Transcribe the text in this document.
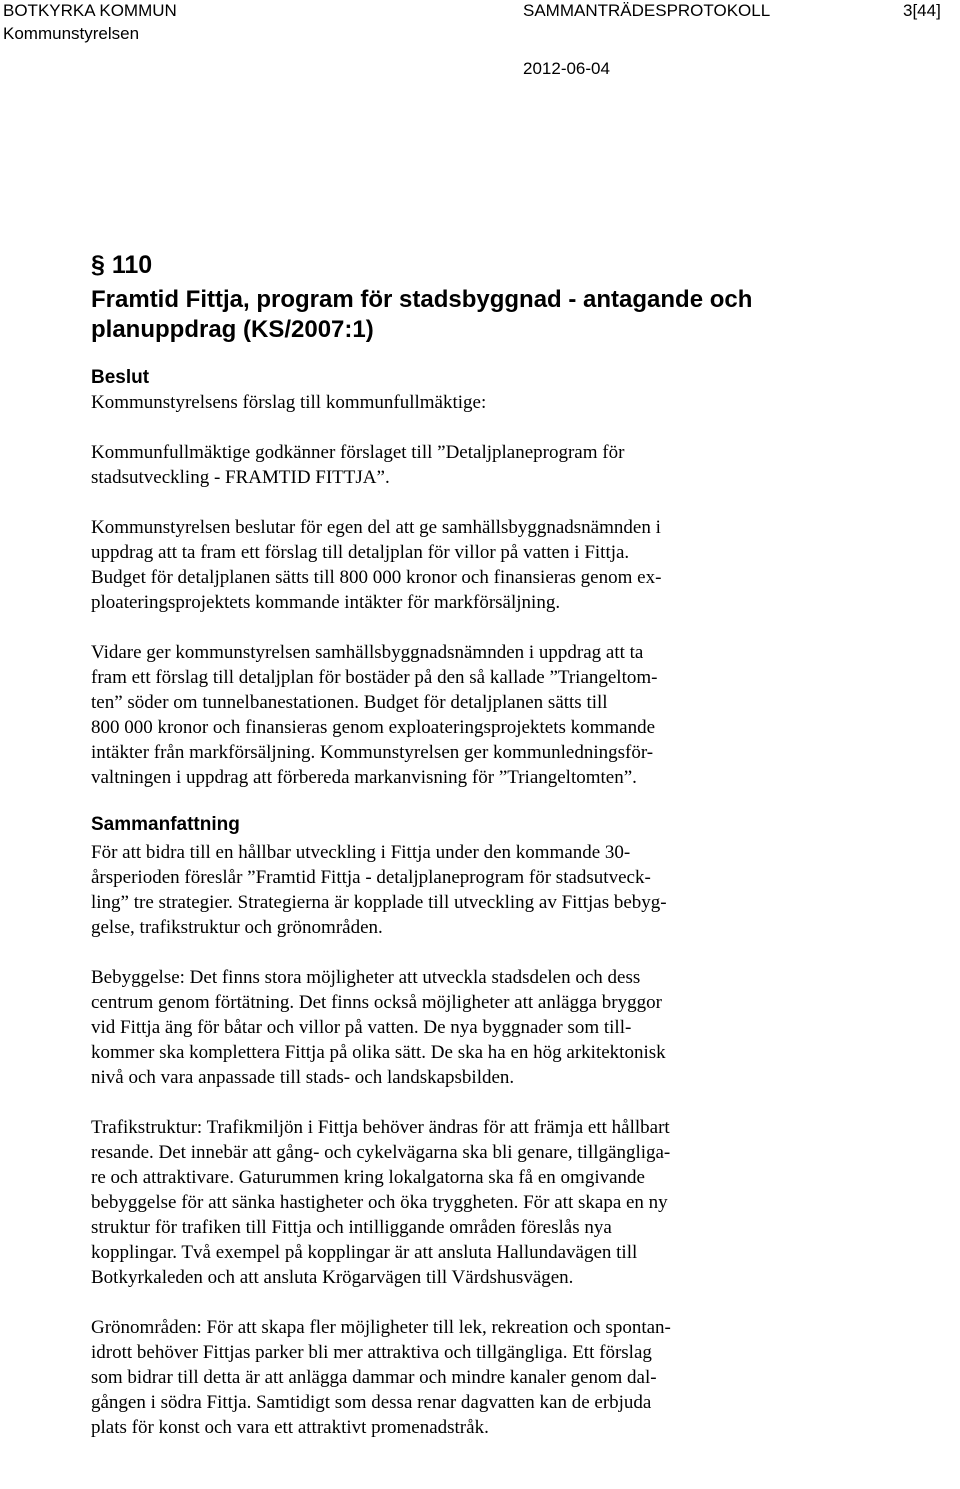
BOTKYRKA KOMMUN	SAMMANTRÄDESPROTOKOLL	3[44]
Kommunstyrelsen
2012-06-04
§ 110
Framtid Fittja, program för stadsbyggnad - antagande och
planuppdrag (KS/2007:1)
Beslut

Kommunstyrelsens förslag till kommunfullmäktige:

Kommunfullmäktige godkänner förslaget till ”Detaljplaneprogram för
stadsutveckling - FRAMTID FITTJA”.

Kommunstyrelsen beslutar för egen del att ge samhällsbyggnadsnämnden i
uppdrag att ta fram ett förslag till detaljplan för villor på vatten i Fittja.
Budget för detaljplanen sätts till 800 000 kronor och finansieras genom ex-
ploateringsprojektets kommande intäkter för markförsäljning.

Vidare ger kommunstyrelsen samhällsbyggnadsnämnden i uppdrag att ta
fram ett förslag till detaljplan för bostäder på den så kallade ”Triangeltom-
ten” söder om tunnelbanestationen. Budget för detaljplanen sätts till
800 000 kronor och finansieras genom exploateringsprojektets kommande
intäkter från markförsäljning. Kommunstyrelsen ger kommunledningsför-
valtningen i uppdrag att förbereda markanvisning för ”Triangeltomten”.

Sammanfattning

För att bidra till en hållbar utveckling i Fittja under den kommande 30-
årsperioden föreslår ”Framtid Fittja - detaljplaneprogram för stadsutveck-
ling” tre strategier. Strategierna är kopplade till utveckling av Fittjas bebyg-
gelse, trafikstruktur och grönområden.

Bebyggelse: Det finns stora möjligheter att utveckla stadsdelen och dess
centrum genom förtätning. Det finns också möjligheter att anlägga bryggor
vid Fittja äng för båtar och villor på vatten. De nya byggnader som till-
kommer ska komplettera Fittja på olika sätt. De ska ha en hög arkitektonisk
nivå och vara anpassade till stads- och landskapsbilden.

Trafikstruktur: Trafikmiljön i Fittja behöver ändras för att främja ett hållbart
resande. Det innebär att gång- och cykelvägarna ska bli genare, tillgängliga-
re och attraktivare. Gaturummen kring lokalgatorna ska få en omgivande
bebyggelse för att sänka hastigheter och öka tryggheten. För att skapa en ny
struktur för trafiken till Fittja och intilliggande områden föreslås nya
kopplingar. Två exempel på kopplingar är att ansluta Hallundavägen till
Botkyrkaleden och att ansluta Krögarvägen till Värdshusvägen.

Grönområden: För att skapa fler möjligheter till lek, rekreation och spontan-
idrott behöver Fittjas parker bli mer attraktiva och tillgängliga. Ett förslag
som bidrar till detta är att anlägga dammar och mindre kanaler genom dal-
gången i södra Fittja. Samtidigt som dessa renar dagvatten kan de erbjuda
plats för konst och vara ett attraktivt promenadstråk.
